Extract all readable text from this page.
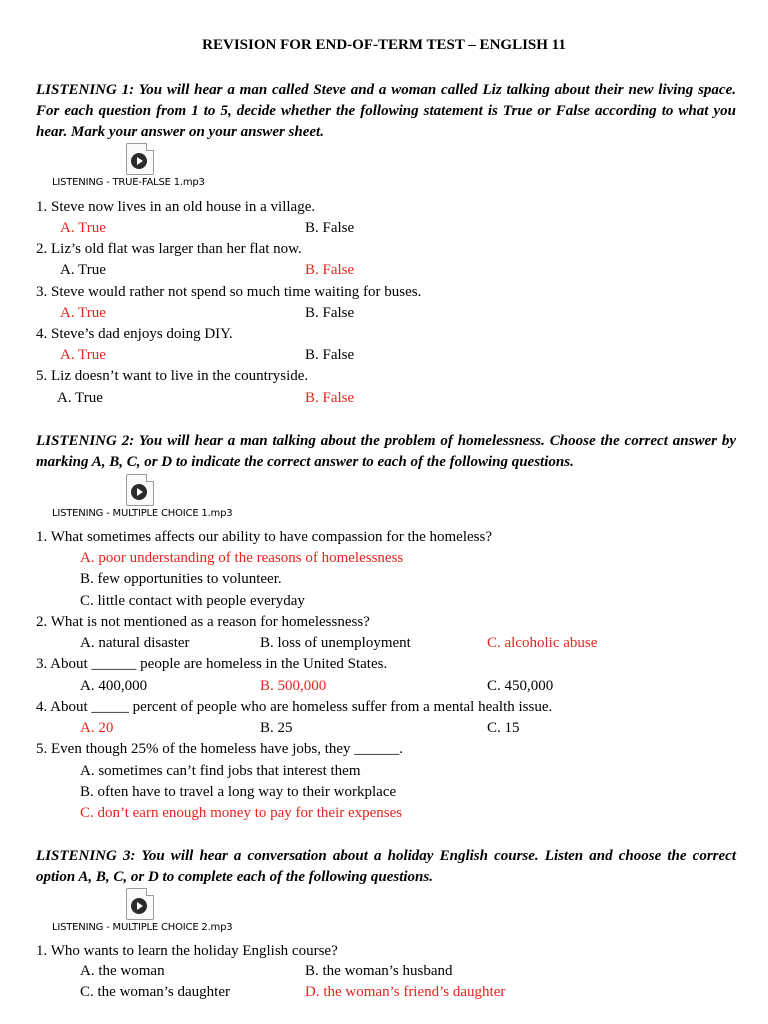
REVISION FOR END-OF-TERM TEST – ENGLISH 11
LISTENING 1: You will hear a man called Steve and a woman called Liz talking about their new living space. For each question from 1 to 5, decide whether the following statement is True or False according to what you hear. Mark your answer on your answer sheet.
LISTENING - TRUE-FALSE 1.mp3
1. Steve now lives in an old house in a village.
A. True	B. False
2. Liz’s old flat was larger than her flat now.
A. True	B. False
3. Steve would rather not spend so much time waiting for buses.
A. True	B. False
4. Steve’s dad enjoys doing DIY.
A. True	B. False
5. Liz doesn’t want to live in the countryside.
A. True	B. False
LISTENING 2: You will hear a man talking about the problem of homelessness. Choose the correct answer by marking A, B, C, or D to indicate the correct answer to each of the following questions.
LISTENING - MULTIPLE CHOICE 1.mp3
1. What sometimes affects our ability to have compassion for the homeless?
A. poor understanding of the reasons of homelessness
B. few opportunities to volunteer.
C. little contact with people everyday
2. What is not mentioned as a reason for homelessness?
A. natural disaster	B. loss of unemployment	C. alcoholic abuse
3. About ______ people are homeless in the United States.
A. 400,000	B. 500,000	C. 450,000
4. About _____ percent of people who are homeless suffer from a mental health issue.
A. 20	B. 25	C. 15
5. Even though 25% of the homeless have jobs, they ______.
A. sometimes can’t find jobs that interest them
B. often have to travel a long way to their workplace
C. don’t earn enough money to pay for their expenses
LISTENING 3: You will hear a conversation about a holiday English course. Listen and choose the correct option A, B, C, or D to complete each of the following questions.
LISTENING - MULTIPLE CHOICE 2.mp3
1. Who wants to learn the holiday English course?
A. the woman	B. the woman’s husband
C. the woman’s daughter	D. the woman’s friend’s daughter
